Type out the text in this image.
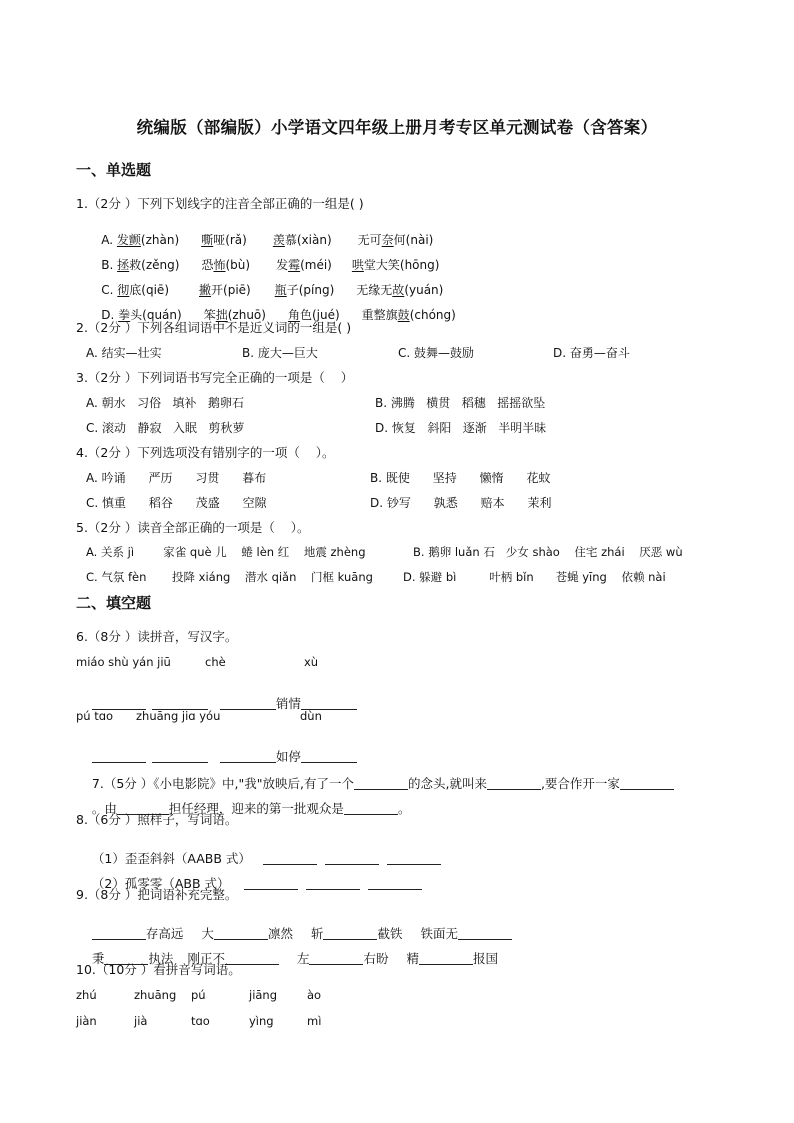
统编版（部编版）小学语文四年级上册月考专区单元测试卷（含答案）
一、单选题
1.（2分 ）下列下划线字的注音全部正确的一组是( )

A. 发颤(zhàn) 嘶哑(rǎ) 羡慕(xiàn) 无可奈何(nài)

B. 拯救(zěng) 恐怖(bù) 发霉(méi) 哄堂大笑(hōng)

C. 彻底(qiē)	撇开(piē) 瓶子(píng) 无缘无故(yuán)

D. 拳头(quán) 笨拙(zhuō) 角色(jué) 重整旗鼓(chóng)

2.（2分 ）下列各组词语中不是近义词的一组是( )
A. 结实—壮实	B. 庞大—巨大	C. 鼓舞—鼓励	D. 奋勇—奋斗
3.（2分 ）下列词语书写完全正确的一项是（    ）
A. 朝水   习俗   填补   鹅卵石	B. 沸腾   横贯   稻穗   摇摇欲坠
C. 滚动   静寂   入眠   剪秋萝	D. 恢复   斜阳   逐渐   半明半昧
4.（2分 ）下列选项没有错别字的一项（    ）。
A. 吟诵      严历      习贯      暮布	B. 既使      坚持      懒惰      花蚊
C. 慎重      稻谷      茂盛      空隙	D. 钞写      孰悉      赔本      茉利
5.（2分 ）读音全部正确的一项是（    ）。
A. 关系 jì        家雀 què 儿    蜷 lèn 红    地震 zhèng	B. 鹅卵 luǎn 石   少女 shào    住宅 zhái    厌恶 wù
C. 气氛 fèn       投降 xiáng    潜水 qiǎn    门框 kuāng	D. 躲避 bì         叶柄 bǐn      苍蝇 yīng    依赖 nài
二、填空题
6.（8分 ）读拼音，写汉字。
miáo shù yán jiū	chè	xù

销情

pú tɑo zhuāng jiɑ yóu	dùn

如停

7.（5分 ）《小电影院》中,"我"放映后,有了一个	的念头,就叫来	,要合作开一家

。由	担任经理，迎来的第一批观众是	。

8.（6分 ）照样子，写词语。

（1）歪歪斜斜（AABB 式）

（2）孤零零（ABB 式）

9.（8分 ）把词语补充完整。

存高远 大	凛然 斩	截铁 铁面无

秉	执法 刚正不	左	右盼 精	报国

10.（10分 ）看拼音写词语。
zhú	zhuāng pú	jiāng	ào
jiàn	jià	tɑo	yìng	mì
